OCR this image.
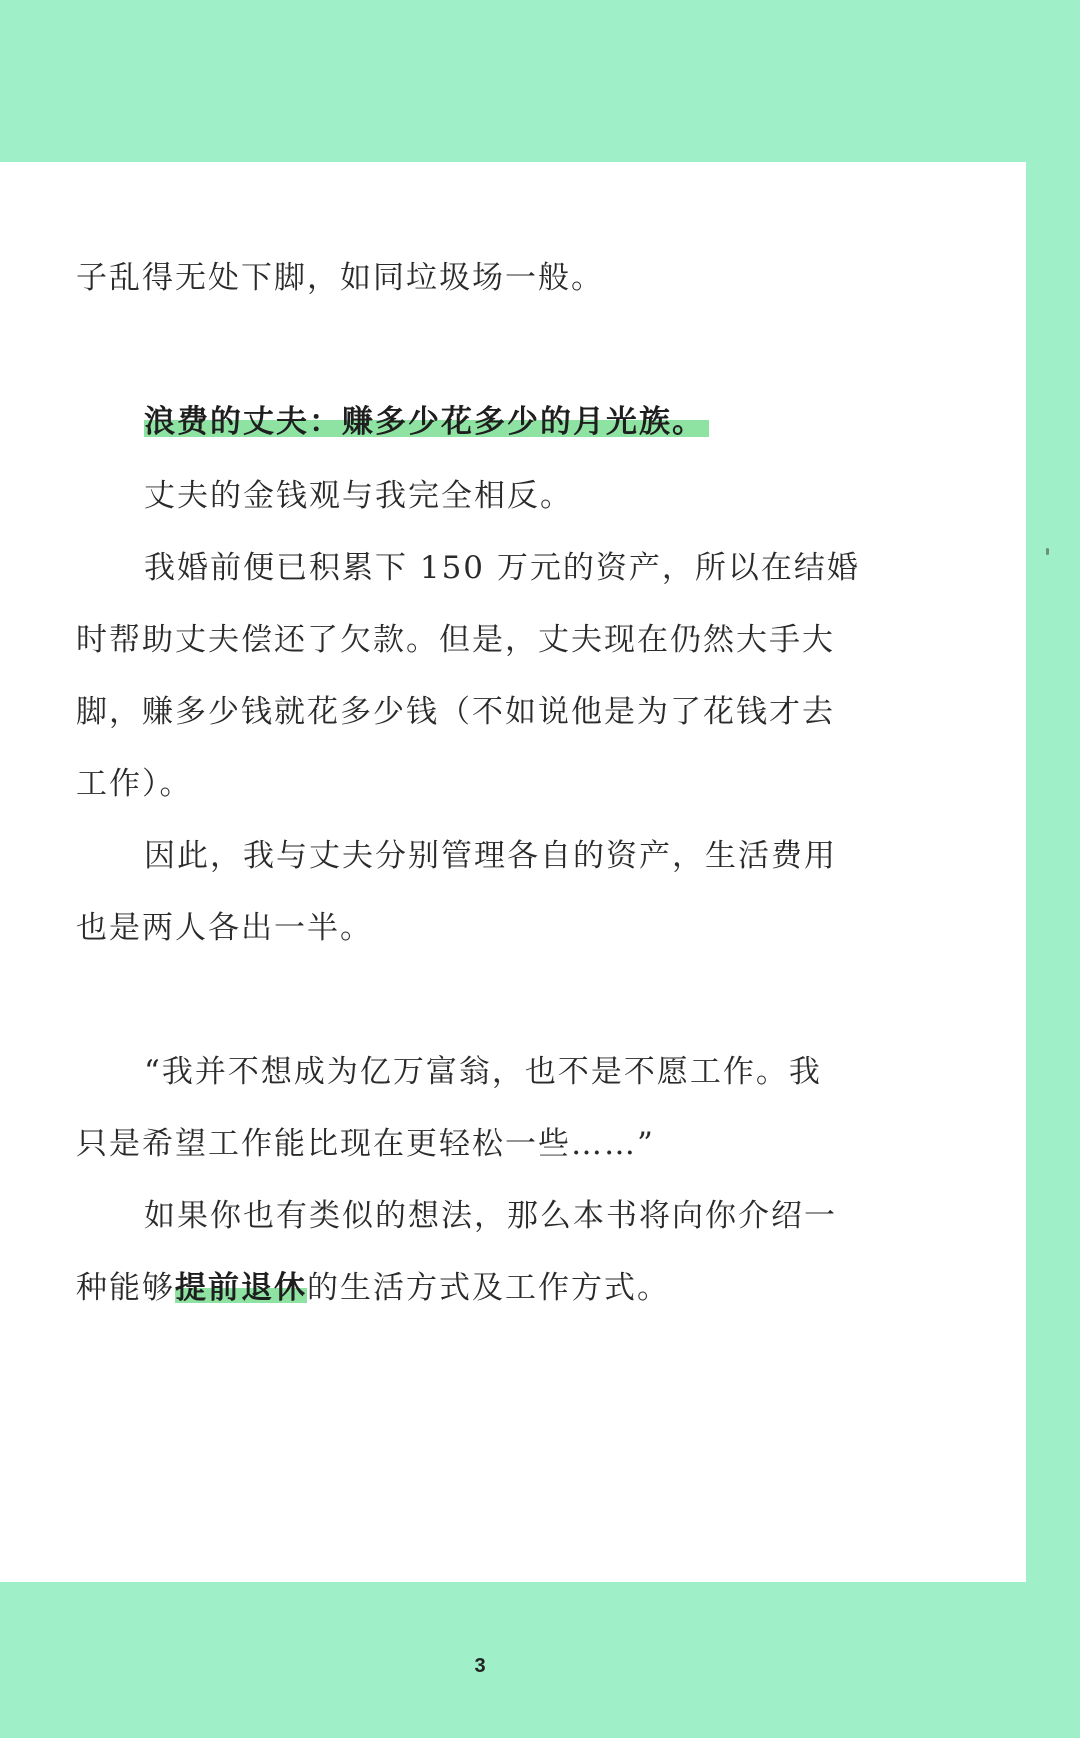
子乱得无处下脚，如同垃圾场一般。
浪费的丈夫：赚多少花多少的月光族。
丈夫的金钱观与我完全相反。
我婚前便已积累下 150 万元的资产，所以在结婚
时帮助丈夫偿还了欠款。但是，丈夫现在仍然大手大
脚，赚多少钱就花多少钱（不如说他是为了花钱才去
工作）。
因此，我与丈夫分别管理各自的资产，生活费用
也是两人各出一半。
“我并不想成为亿万富翁，也不是不愿工作。我
只是希望工作能比现在更轻松一些……”
如果你也有类似的想法，那么本书将向你介绍一
种能够提前退休的生活方式及工作方式。
3
